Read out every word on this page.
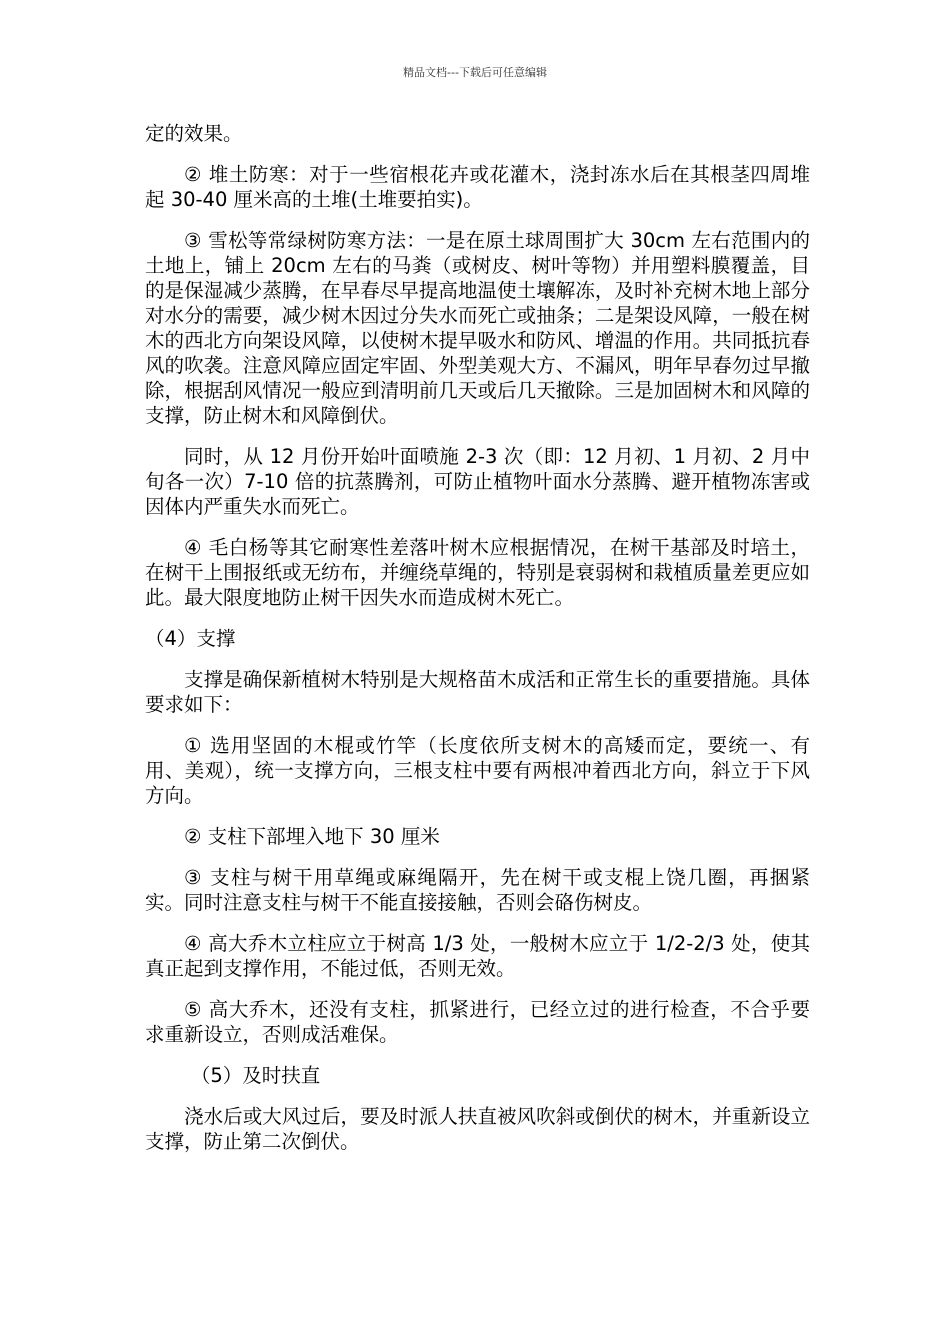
精品文档---下载后可任意编辑

定的效果。

② 堆土防寒：对于一些宿根花卉或花灌木，浇封冻水后在其根茎四周堆起 30-40 厘米高的土堆(土堆要拍实)。

③ 雪松等常绿树防寒方法：一是在原土球周围扩大 30cm 左右范围内的土地上，铺上 20cm 左右的马粪（或树皮、树叶等物）并用塑料膜覆盖，目的是保湿减少蒸腾，在早春尽早提高地温使土壤解冻，及时补充树木地上部分对水分的需要，减少树木因过分失水而死亡或抽条；二是架设风障，一般在树木的西北方向架设风障，以使树木提早吸水和防风、增温的作用。共同抵抗春风的吹袭。注意风障应固定牢固、外型美观大方、不漏风，明年早春勿过早撤除，根据刮风情况一般应到清明前几天或后几天撤除。三是加固树木和风障的支撑，防止树木和风障倒伏。

同时，从 12 月份开始叶面喷施 2-3 次（即：12 月初、1 月初、2 月中旬各一次）7-10 倍的抗蒸腾剂，可防止植物叶面水分蒸腾、避开植物冻害或因体内严重失水而死亡。

④ 毛白杨等其它耐寒性差落叶树木应根据情况，在树干基部及时培土，在树干上围报纸或无纺布，并缠绕草绳的，特别是衰弱树和栽植质量差更应如此。最大限度地防止树干因失水而造成树木死亡。

（4）支撑

支撑是确保新植树木特别是大规格苗木成活和正常生长的重要措施。具体要求如下：

① 选用坚固的木棍或竹竿（长度依所支树木的高矮而定，要统一、有用、美观），统一支撑方向，三根支柱中要有两根冲着西北方向，斜立于下风方向。

② 支柱下部埋入地下 30 厘米

③ 支柱与树干用草绳或麻绳隔开，先在树干或支棍上饶几圈，再捆紧实。同时注意支柱与树干不能直接接触，否则会硌伤树皮。

④ 高大乔木立柱应立于树高 1/3 处，一般树木应立于 1/2-2/3 处，使其真正起到支撑作用，不能过低，否则无效。

⑤ 高大乔木，还没有支柱，抓紧进行，已经立过的进行检查，不合乎要求重新设立，否则成活难保。

（5）及时扶直

浇水后或大风过后，要及时派人扶直被风吹斜或倒伏的树木，并重新设立支撑，防止第二次倒伏。
